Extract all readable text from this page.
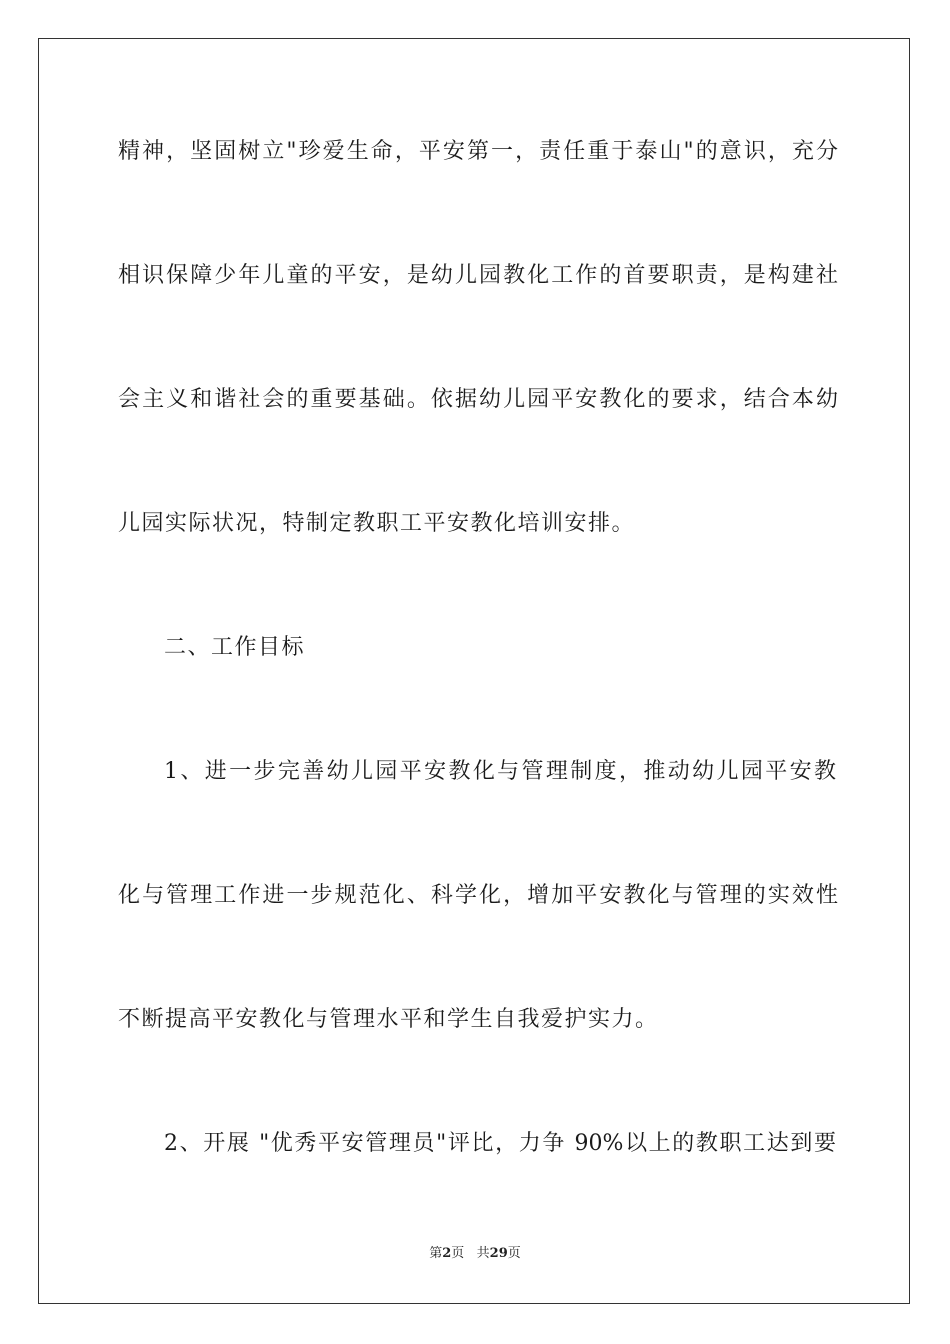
精神，坚固树立"珍爱生命，平安第一，责任重于泰山"的意识，充分
相识保障少年儿童的平安，是幼儿园教化工作的首要职责，是构建社
会主义和谐社会的重要基础。依据幼儿园平安教化的要求，结合本幼
儿园实际状况，特制定教职工平安教化培训安排。
二、工作目标
1、进一步完善幼儿园平安教化与管理制度，推动幼儿园平安教
化与管理工作进一步规范化、科学化，增加平安教化与管理的实效性
不断提高平安教化与管理水平和学生自我爱护实力。
2、开展 "优秀平安管理员"评比，力争 90%以上的教职工达到要
第2页   共29页
